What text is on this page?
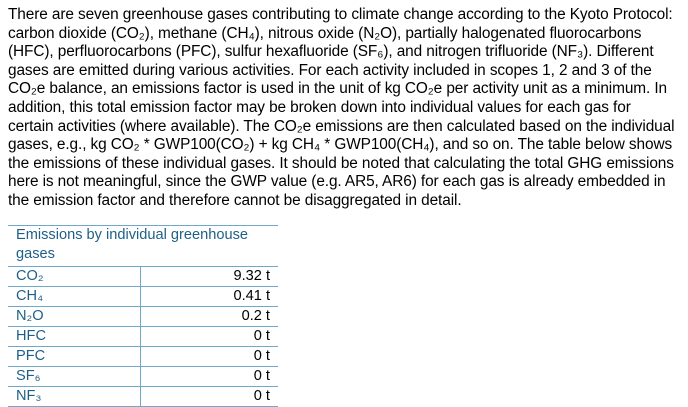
There are seven greenhouse gases contributing to climate change according to the Kyoto Protocol: carbon dioxide (CO₂), methane (CH₄), nitrous oxide (N₂O), partially halogenated fluorocarbons (HFC), perfluorocarbons (PFC), sulfur hexafluoride (SF₆), and nitrogen trifluoride (NF₃). Different gases are emitted during various activities. For each activity included in scopes 1, 2 and 3 of the CO₂e balance, an emissions factor is used in the unit of kg CO₂e per activity unit as a minimum. In addition, this total emission factor may be broken down into individual values for each gas for certain activities (where available). The CO₂e emissions are then calculated based on the individual gases, e.g., kg CO₂ * GWP100(CO₂) + kg CH₄ * GWP100(CH₄), and so on. The table below shows the emissions of these individual gases. It should be noted that calculating the total GHG emissions here is not meaningful, since the GWP value (e.g. AR5, AR6) for each gas is already embedded in the emission factor and therefore cannot be disaggregated in detail.

Emissions by individual greenhouse gases	
CO₂	9.32 t
CH₄	0.41 t
N₂O	0.2 t
HFC	0 t
PFC	0 t
SF₆	0 t
NF₃	0 t
